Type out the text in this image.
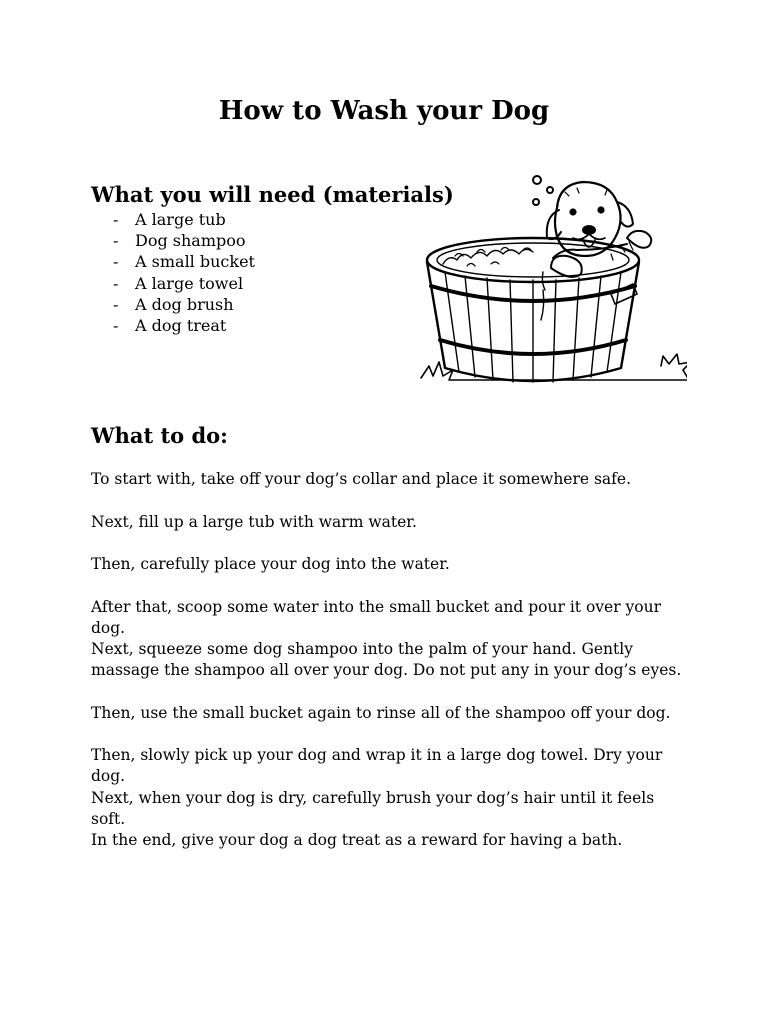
How to Wash your Dog
What you will need (materials)
- A large tub
- Dog shampoo
- A small bucket
- A large towel
- A dog brush
- A dog treat
What to do:

To start with, take off your dog’s collar and place it somewhere safe.

Next, fill up a large tub with warm water.

Then, carefully place your dog into the water.

After that, scoop some water into the small bucket and pour it over your dog.

Next, squeeze some dog shampoo into the palm of your hand. Gently massage the shampoo all over your dog. Do not put any in your dog’s eyes.

Then, use the small bucket again to rinse all of the shampoo off your dog.

Then, slowly pick up your dog and wrap it in a large dog towel. Dry your dog.

Next, when your dog is dry, carefully brush your dog’s hair until it feels soft.

In the end, give your dog a dog treat as a reward for having a bath.
